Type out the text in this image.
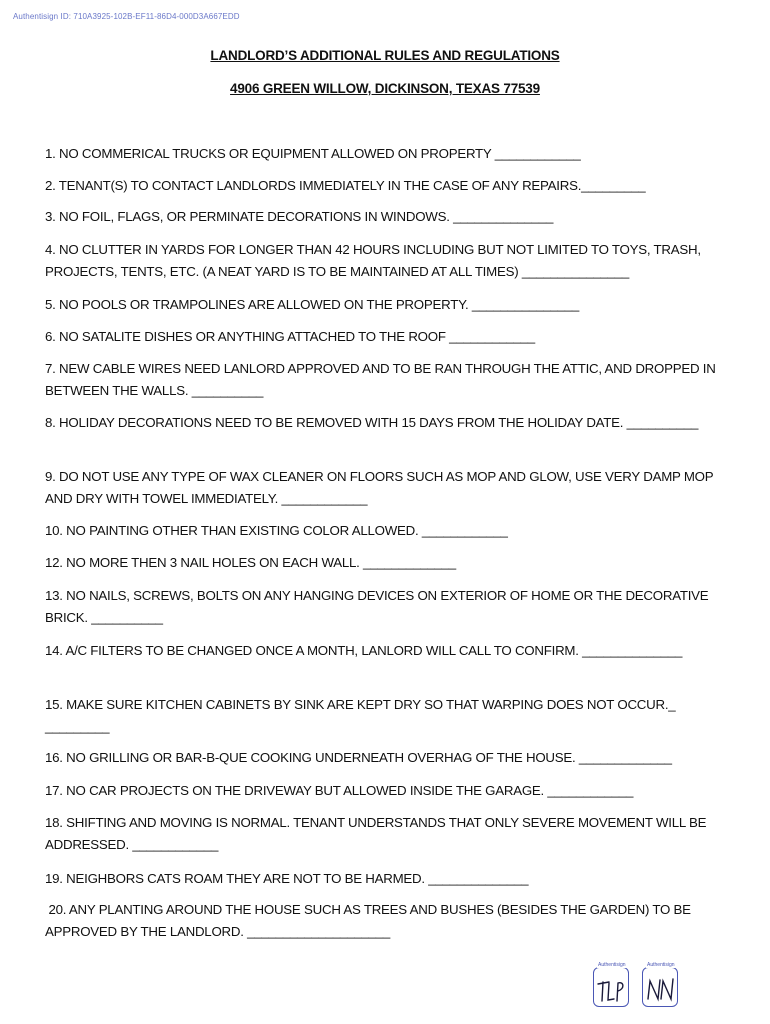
Authentisign ID: 710A3925-102B-EF11-86D4-000D3A667EDD
LANDLORD’S ADDITIONAL RULES AND REGULATIONS
4906 GREEN WILLOW, DICKINSON, TEXAS 77539
1. NO COMMERICAL TRUCKS OR EQUIPMENT ALLOWED ON PROPERTY ____________
2. TENANT(S) TO CONTACT LANDLORDS IMMEDIATELY IN THE CASE OF ANY REPAIRS._________
3. NO FOIL, FLAGS, OR PERMINATE DECORATIONS IN WINDOWS. ______________
4. NO CLUTTER IN YARDS FOR LONGER THAN 42 HOURS INCLUDING BUT NOT LIMITED TO TOYS, TRASH, PROJECTS, TENTS, ETC. (A NEAT YARD IS TO BE MAINTAINED AT ALL TIMES) _______________
5. NO POOLS OR TRAMPOLINES ARE ALLOWED ON THE PROPERTY. _______________
6. NO SATALITE DISHES OR ANYTHING ATTACHED TO THE ROOF ____________
7. NEW CABLE WIRES NEED LANLORD APPROVED AND TO BE RAN THROUGH THE ATTIC, AND DROPPED IN BETWEEN THE WALLS. __________
8. HOLIDAY DECORATIONS NEED TO BE REMOVED WITH 15 DAYS FROM THE HOLIDAY DATE. __________
9. DO NOT USE ANY TYPE OF WAX CLEANER ON FLOORS SUCH AS MOP AND GLOW, USE VERY DAMP MOP AND DRY WITH TOWEL IMMEDIATELY. ____________
10. NO PAINTING OTHER THAN EXISTING COLOR ALLOWED. ____________
12. NO MORE THEN 3 NAIL HOLES ON EACH WALL. _____________
13. NO NAILS, SCREWS, BOLTS ON ANY HANGING DEVICES ON EXTERIOR OF HOME OR THE DECORATIVE BRICK. __________
14. A/C FILTERS TO BE CHANGED ONCE A MONTH, LANLORD WILL CALL TO CONFIRM. ______________
15. MAKE SURE KITCHEN CABINETS BY SINK ARE KEPT DRY SO THAT WARPING DOES NOT OCCUR._ _________
16. NO GRILLING OR BAR-B-QUE COOKING UNDERNEATH OVERHAG OF THE HOUSE. _____________
17. NO CAR PROJECTS ON THE DRIVEWAY BUT ALLOWED INSIDE THE GARAGE. ____________
18. SHIFTING AND MOVING IS NORMAL. TENANT UNDERSTANDS THAT ONLY SEVERE MOVEMENT WILL BE ADDRESSED. ____________
19. NEIGHBORS CATS ROAM THEY ARE NOT TO BE HARMED. ______________
20. ANY PLANTING AROUND THE HOUSE SUCH AS TREES AND BUSHES (BESIDES THE GARDEN) TO BE APPROVED BY THE LANDLORD. ____________________
Authentisign	Authentisign
